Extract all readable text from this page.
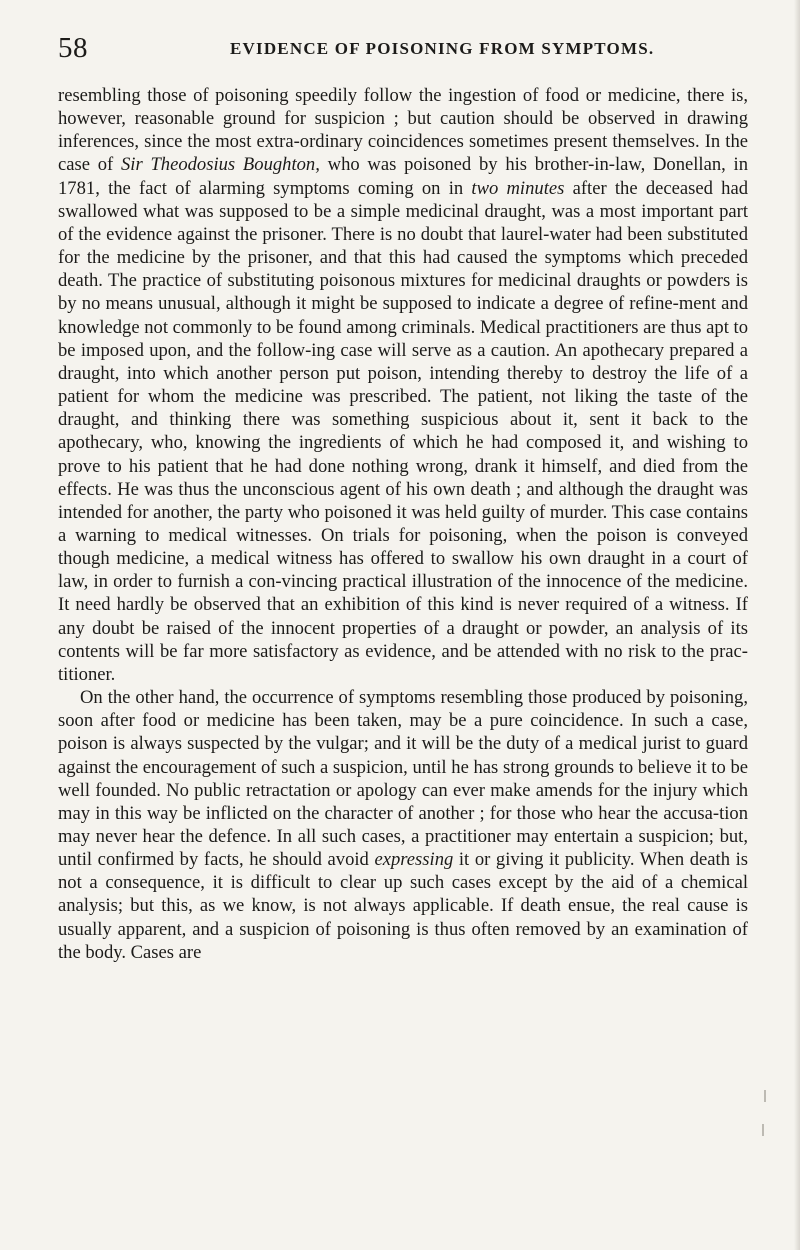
58	EVIDENCE OF POISONING FROM SYMPTOMS.

resembling those of poisoning speedily follow the ingestion of food or medicine, there is, however, reasonable ground for suspicion ; but caution should be observed in drawing inferences, since the most extra-ordinary coincidences sometimes present themselves. In the case of Sir Theodosius Boughton, who was poisoned by his brother-in-law, Donellan, in 1781, the fact of alarming symptoms coming on in two minutes after the deceased had swallowed what was supposed to be a simple medicinal draught, was a most important part of the evidence against the prisoner. There is no doubt that laurel-water had been substituted for the medicine by the prisoner, and that this had caused the symptoms which preceded death. The practice of substituting poisonous mixtures for medicinal draughts or powders is by no means unusual, although it might be supposed to indicate a degree of refine-ment and knowledge not commonly to be found among criminals. Medical practitioners are thus apt to be imposed upon, and the follow-ing case will serve as a caution. An apothecary prepared a draught, into which another person put poison, intending thereby to destroy the life of a patient for whom the medicine was prescribed. The patient, not liking the taste of the draught, and thinking there was something suspicious about it, sent it back to the apothecary, who, knowing the ingredients of which he had composed it, and wishing to prove to his patient that he had done nothing wrong, drank it himself, and died from the effects. He was thus the unconscious agent of his own death ; and although the draught was intended for another, the party who poisoned it was held guilty of murder. This case contains a warning to medical witnesses. On trials for poisoning, when the poison is conveyed though medicine, a medical witness has offered to swallow his own draught in a court of law, in order to furnish a con-vincing practical illustration of the innocence of the medicine. It need hardly be observed that an exhibition of this kind is never required of a witness. If any doubt be raised of the innocent properties of a draught or powder, an analysis of its contents will be far more satisfactory as evidence, and be attended with no risk to the prac-titioner.

On the other hand, the occurrence of symptoms resembling those produced by poisoning, soon after food or medicine has been taken, may be a pure coincidence. In such a case, poison is always suspected by the vulgar; and it will be the duty of a medical jurist to guard against the encouragement of such a suspicion, until he has strong grounds to believe it to be well founded. No public retractation or apology can ever make amends for the injury which may in this way be inflicted on the character of another ; for those who hear the accusa-tion may never hear the defence. In all such cases, a practitioner may entertain a suspicion; but, until confirmed by facts, he should avoid expressing it or giving it publicity. When death is not a consequence, it is difficult to clear up such cases except by the aid of a chemical analysis; but this, as we know, is not always applicable. If death ensue, the real cause is usually apparent, and a suspicion of poisoning is thus often removed by an examination of the body. Cases are
